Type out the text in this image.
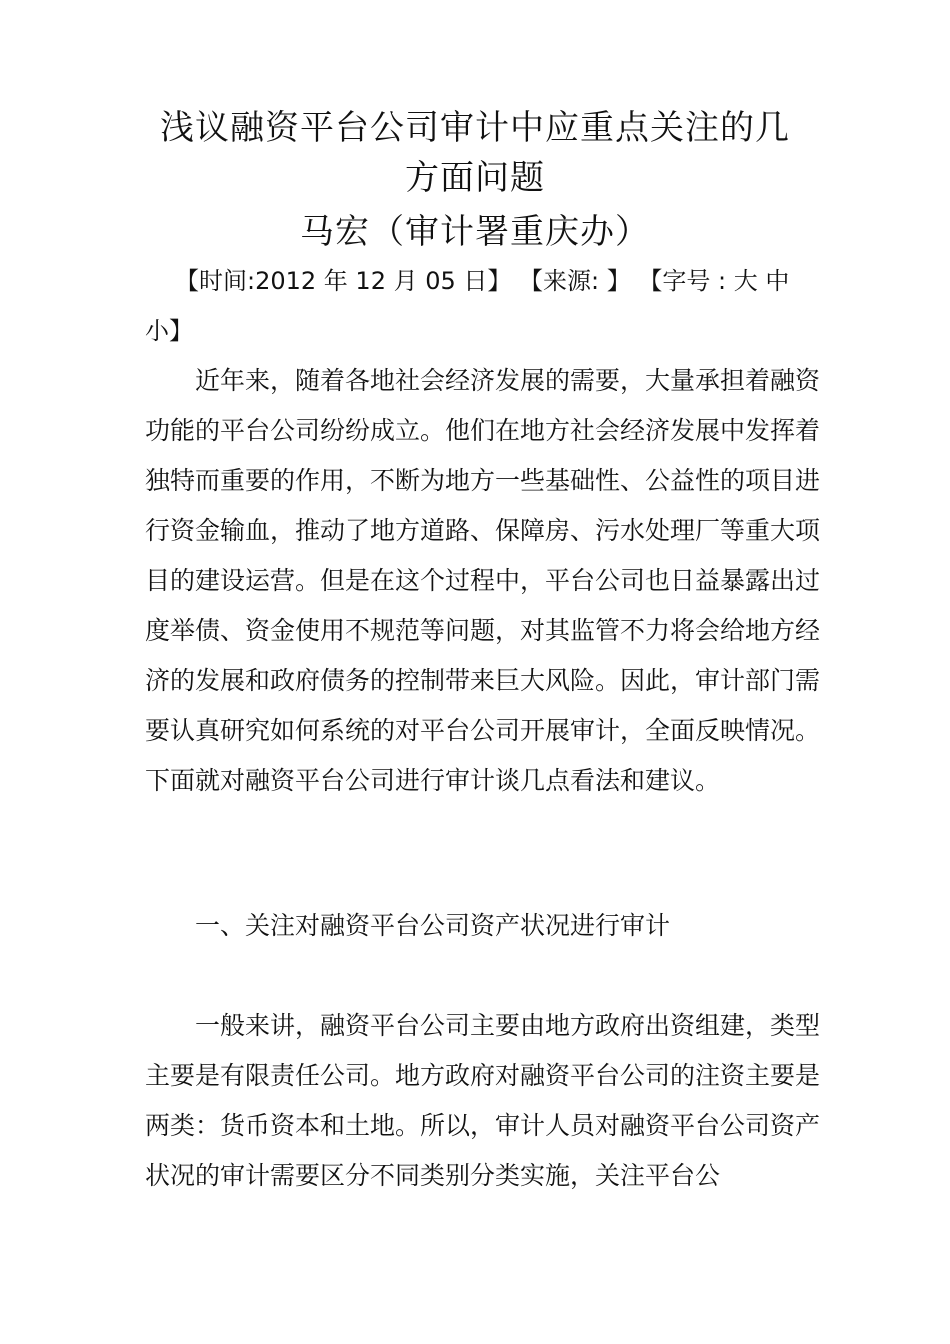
浅议融资平台公司审计中应重点关注的几
方面问题
马宏（审计署重庆办）
【时间:2012 年 12 月 05 日】 【来源: 】 【字号 : 大 中 小】

近年来，随着各地社会经济发展的需要，大量承担着融资功能的平台公司纷纷成立。他们在地方社会经济发展中发挥着独特而重要的作用，不断为地方一些基础性、公益性的项目进行资金输血，推动了地方道路、保障房、污水处理厂等重大项目的建设运营。但是在这个过程中，平台公司也日益暴露出过度举债、资金使用不规范等问题，对其监管不力将会给地方经济的发展和政府债务的控制带来巨大风险。因此，审计部门需要认真研究如何系统的对平台公司开展审计，全面反映情况。下面就对融资平台公司进行审计谈几点看法和建议。

一、关注对融资平台公司资产状况进行审计

一般来讲，融资平台公司主要由地方政府出资组建，类型主要是有限责任公司。地方政府对融资平台公司的注资主要是两类：货币资本和土地。所以，审计人员对融资平台公司资产状况的审计需要区分不同类别分类实施，关注平台公
